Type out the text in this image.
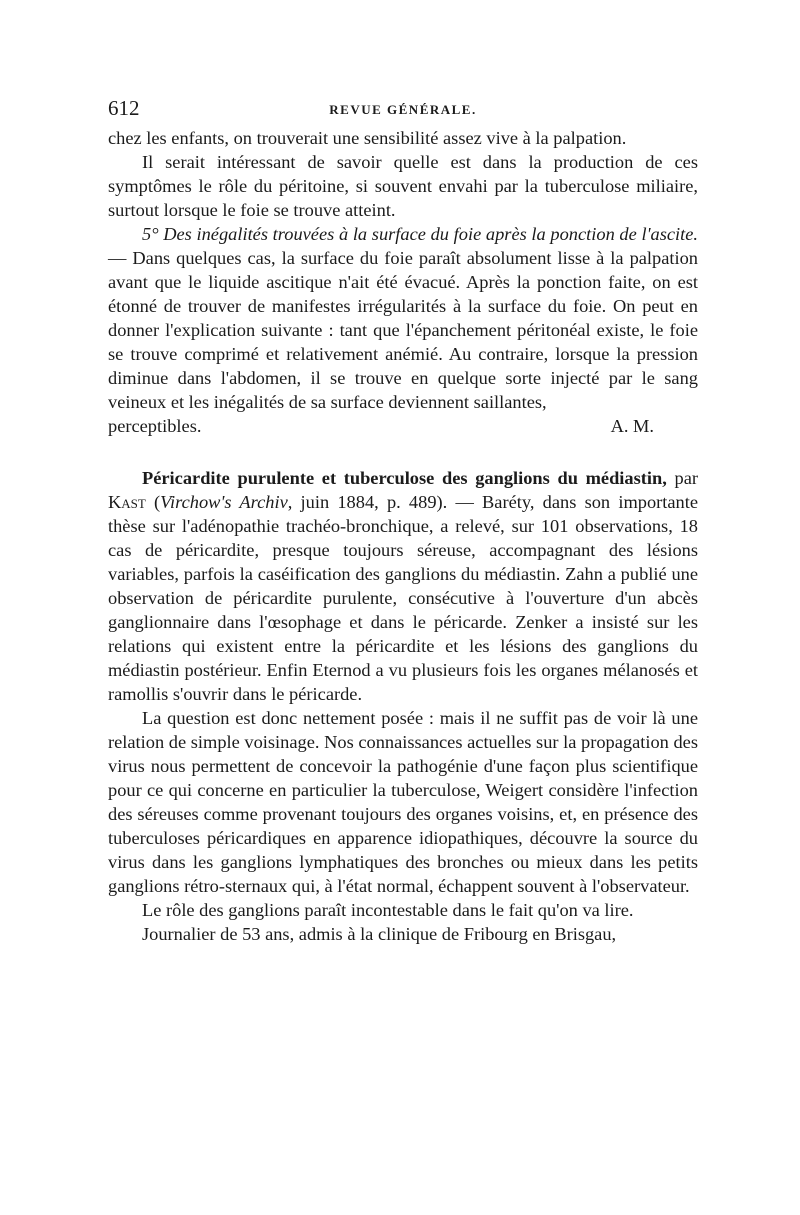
612	REVUE GÉNÉRALE.

chez les enfants, on trouverait une sensibilité assez vive à la palpation.

Il serait intéressant de savoir quelle est dans la production de ces symptômes le rôle du péritoine, si souvent envahi par la tuberculose miliaire, surtout lorsque le foie se trouve atteint.

5° Des inégalités trouvées à la surface du foie après la ponction de l'ascite. — Dans quelques cas, la surface du foie paraît absolument lisse à la palpation avant que le liquide ascitique n'ait été évacué. Après la ponction faite, on est étonné de trouver de manifestes irrégularités à la surface du foie. On peut en donner l'explication suivante : tant que l'épanchement péritonéal existe, le foie se trouve comprimé et relativement anémié. Au contraire, lorsque la pression diminue dans l'abdomen, il se trouve en quelque sorte injecté par le sang veineux et les inégalités de sa surface deviennent saillantes,

perceptibles.	A. M.

Péricardite purulente et tuberculose des ganglions du médiastin, par Kast (Virchow's Archiv, juin 1884, p. 489). — Baréty, dans son importante thèse sur l'adénopathie trachéo-bronchique, a relevé, sur 101 observations, 18 cas de péricardite, presque toujours séreuse, accompagnant des lésions variables, parfois la caséification des ganglions du médiastin. Zahn a publié une observation de péricardite purulente, consécutive à l'ouverture d'un abcès ganglionnaire dans l'œsophage et dans le péricarde. Zenker a insisté sur les relations qui existent entre la péricardite et les lésions des ganglions du médiastin postérieur. Enfin Eternod a vu plusieurs fois les organes mélanosés et ramollis s'ouvrir dans le péricarde.

La question est donc nettement posée : mais il ne suffit pas de voir là une relation de simple voisinage. Nos connaissances actuelles sur la propagation des virus nous permettent de concevoir la pathogénie d'une façon plus scientifique pour ce qui concerne en particulier la tuberculose, Weigert considère l'infection des séreuses comme provenant toujours des organes voisins, et, en présence des tuberculoses péricardiques en apparence idiopathiques, découvre la source du virus dans les ganglions lymphatiques des bronches ou mieux dans les petits ganglions rétro-sternaux qui, à l'état normal, échappent souvent à l'observateur.

Le rôle des ganglions paraît incontestable dans le fait qu'on va lire.

Journalier de 53 ans, admis à la clinique de Fribourg en Brisgau,
